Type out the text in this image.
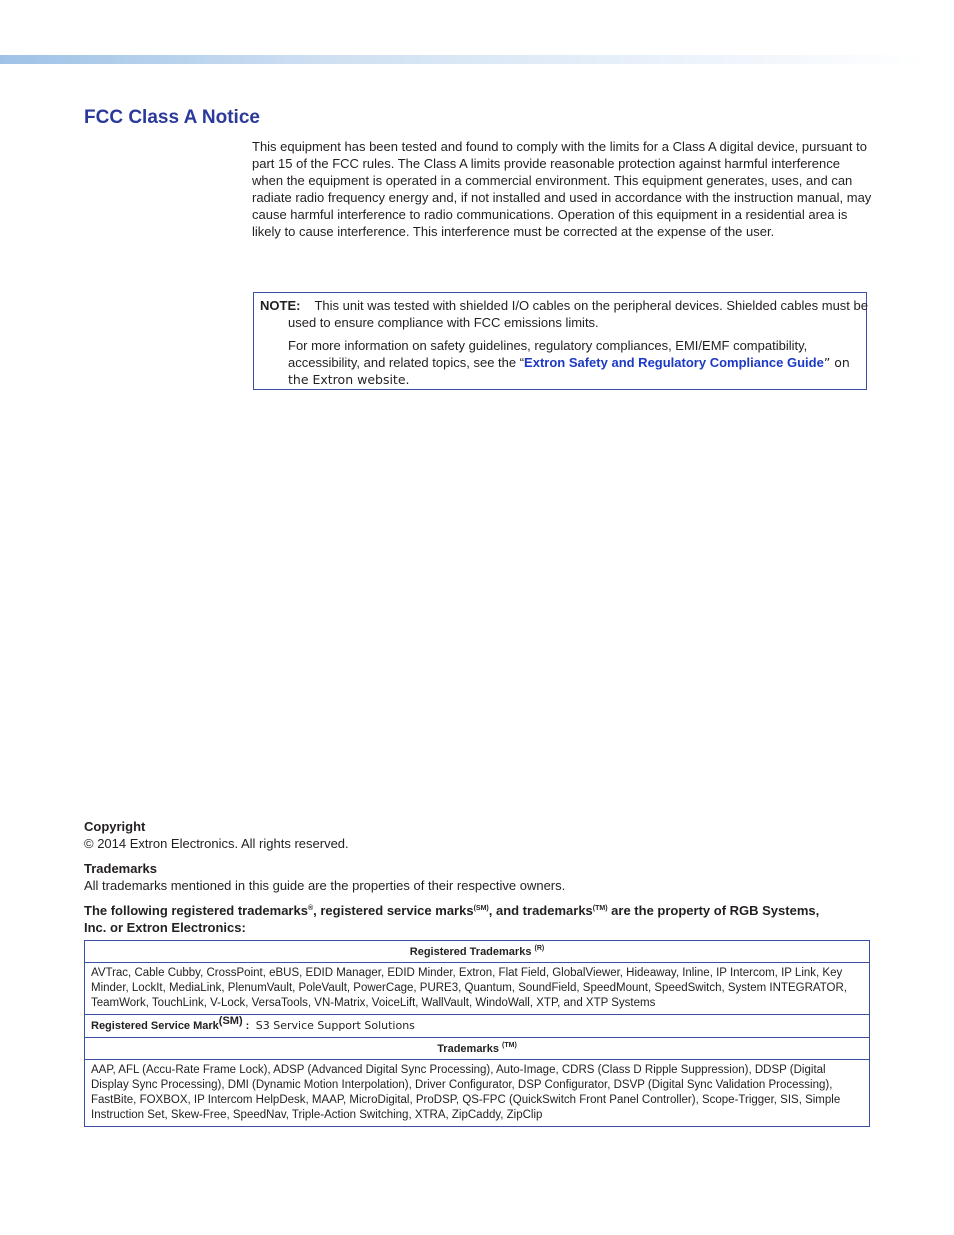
FCC Class A Notice

This equipment has been tested and found to comply with the limits for a Class A digital device, pursuant to part 15 of the FCC rules. The Class A limits provide reasonable protection against harmful interference when the equipment is operated in a commercial environment. This equipment generates, uses, and can radiate radio frequency energy and, if not installed and used in accordance with the instruction manual, may cause harmful interference to radio communications. Operation of this equipment in a residential area is likely to cause interference. This interference must be corrected at the expense of the user.

NOTE: This unit was tested with shielded I/O cables on the peripheral devices. Shielded cables must be used to ensure compliance with FCC emissions limits.

For more information on safety guidelines, regulatory compliances, EMI/EMF compatibility, accessibility, and related topics, see the “Extron Safety and Regulatory Compliance Guide” on the Extron website.

Copyright

© 2014 Extron Electronics. All rights reserved.

Trademarks

All trademarks mentioned in this guide are the properties of their respective owners.

The following registered trademarks®, registered service marks$^{(SM)}$, and trademarks$^{(TM)}$ are the property of RGB Systems, Inc. or Extron Electronics:

Registered Trademarks $^{(R)}$
AVTrac, Cable Cubby, CrossPoint, eBUS, EDID Manager, EDID Minder, Extron, Flat Field, GlobalViewer, Hideaway, Inline, IP Intercom, IP Link, Key Minder, LockIt, MediaLink, PlenumVault, PoleVault, PowerCage, PURE3, Quantum, SoundField, SpeedMount, SpeedSwitch, System INTEGRATOR, TeamWork, TouchLink, V-Lock, VersaTools, VN-Matrix, VoiceLift, WallVault, WindoWall, XTP, and XTP Systems
Registered Service Mark$^{(SM)}$ : S3 Service Support Solutions
Trademarks $^{(TM)}$
AAP, AFL (Accu-Rate Frame Lock), ADSP (Advanced Digital Sync Processing), Auto-Image, CDRS (Class D Ripple Suppression), DDSP (Digital Display Sync Processing), DMI (Dynamic Motion Interpolation), Driver Configurator, DSP Configurator, DSVP (Digital Sync Validation Processing), FastBite, FOXBOX, IP Intercom HelpDesk, MAAP, MicroDigital, ProDSP, QS-FPC (QuickSwitch Front Panel Controller), Scope-Trigger, SIS, Simple Instruction Set, Skew-Free, SpeedNav, Triple-Action Switching, XTRA, ZipCaddy, ZipClip
